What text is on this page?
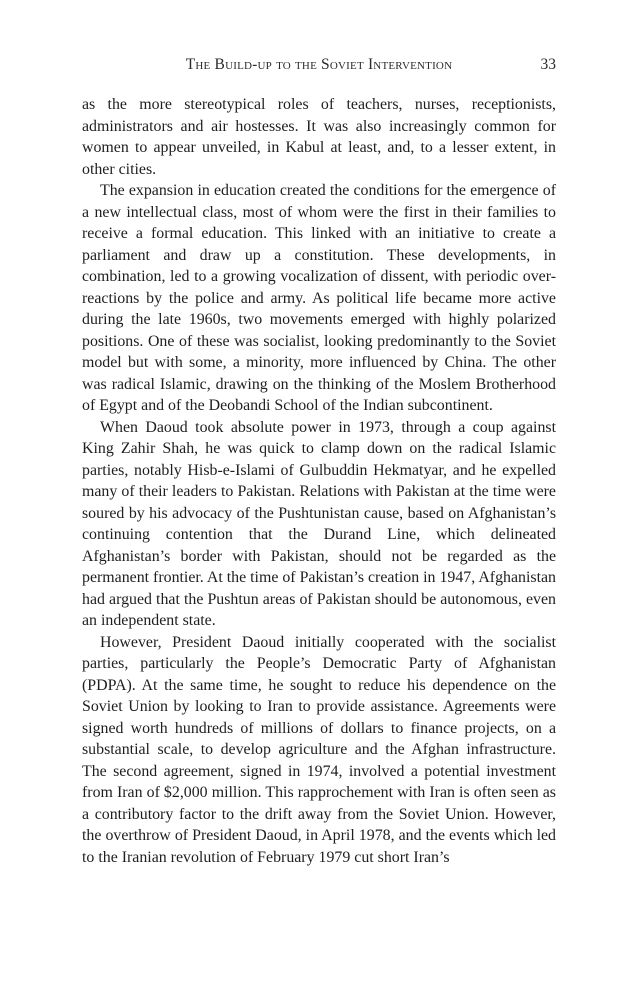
The Build-up to the Soviet Intervention	33

as the more stereotypical roles of teachers, nurses, receptionists, administrators and air hostesses. It was also increasingly common for women to appear unveiled, in Kabul at least, and, to a lesser extent, in other cities.

The expansion in education created the conditions for the emergence of a new intellectual class, most of whom were the first in their families to receive a formal education. This linked with an initiative to create a parliament and draw up a constitution. These developments, in combination, led to a growing vocalization of dissent, with periodic over-reactions by the police and army. As political life became more active during the late 1960s, two movements emerged with highly polarized positions. One of these was socialist, looking predominantly to the Soviet model but with some, a minority, more influenced by China. The other was radical Islamic, drawing on the thinking of the Moslem Brotherhood of Egypt and of the Deobandi School of the Indian subcontinent.

When Daoud took absolute power in 1973, through a coup against King Zahir Shah, he was quick to clamp down on the radical Islamic parties, notably Hisb-e-Islami of Gulbuddin Hekmatyar, and he expelled many of their leaders to Pakistan. Relations with Pakistan at the time were soured by his advocacy of the Pushtunistan cause, based on Afghanistan’s continuing contention that the Durand Line, which delineated Afghanistan’s border with Pakistan, should not be regarded as the permanent frontier. At the time of Pakistan’s creation in 1947, Afghanistan had argued that the Pushtun areas of Pakistan should be autonomous, even an independent state.

However, President Daoud initially cooperated with the socialist parties, particularly the People’s Democratic Party of Afghanistan (PDPA). At the same time, he sought to reduce his dependence on the Soviet Union by looking to Iran to provide assistance. Agreements were signed worth hundreds of millions of dollars to finance projects, on a substantial scale, to develop agriculture and the Afghan infrastructure. The second agreement, signed in 1974, involved a potential investment from Iran of $2,000 million. This rapprochement with Iran is often seen as a contributory factor to the drift away from the Soviet Union. However, the overthrow of President Daoud, in April 1978, and the events which led to the Iranian revolution of February 1979 cut short Iran’s
